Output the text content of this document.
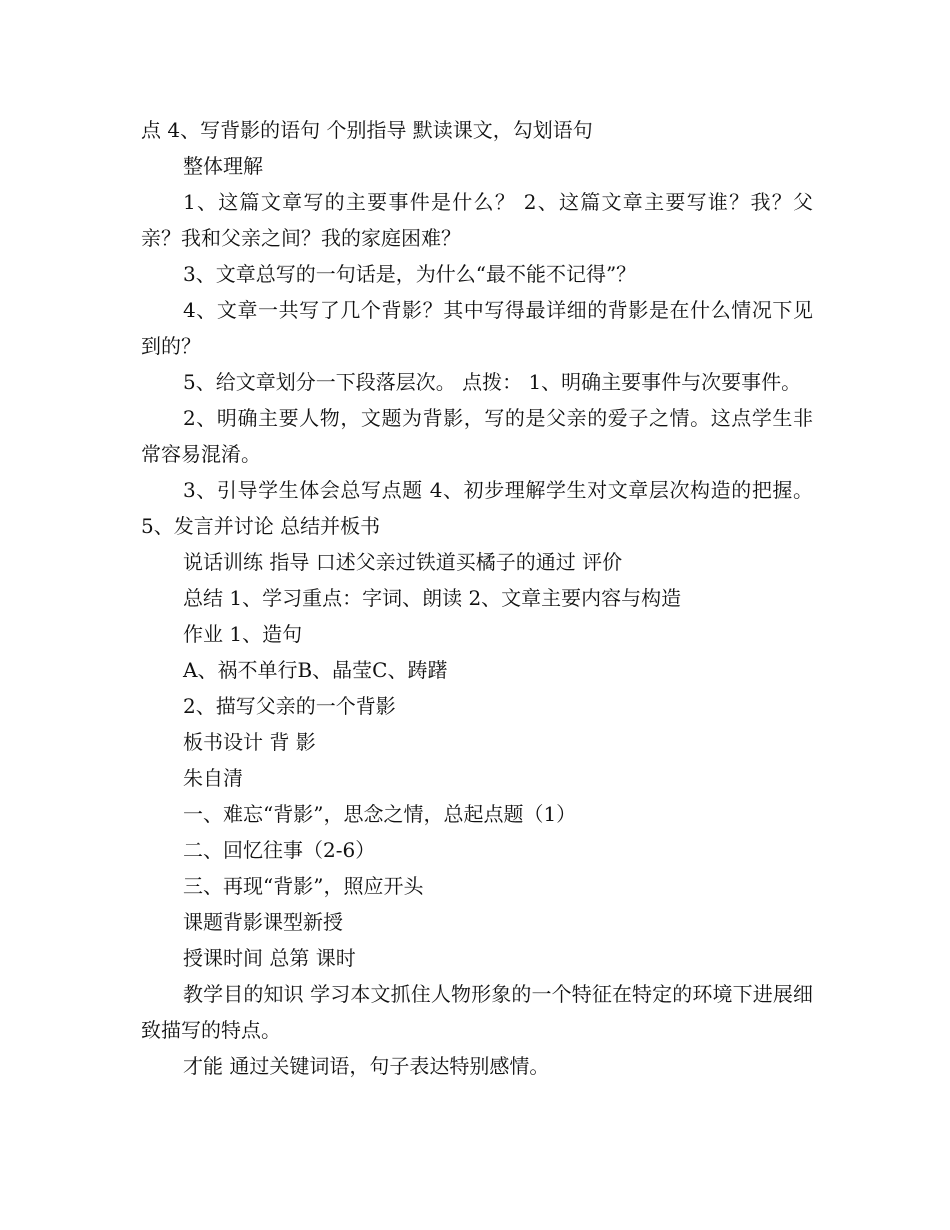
点 4、写背影的语句 个别指导 默读课文，勾划语句

整体理解

1、这篇文章写的主要事件是什么？ 2、这篇文章主要写谁？我？父亲？我和父亲之间？我的家庭困难？

3、文章总写的一句话是，为什么“最不能不记得”？

4、文章一共写了几个背影？其中写得最详细的背影是在什么情况下见到的？

5、给文章划分一下段落层次。 点拨： 1、明确主要事件与次要事件。

2、明确主要人物，文题为背影，写的是父亲的爱子之情。这点学生非常容易混淆。

3、引导学生体会总写点题 4、初步理解学生对文章层次构造的把握。 5、发言并讨论 总结并板书

说话训练 指导 口述父亲过铁道买橘子的通过 评价

总结 1、学习重点：字词、朗读 2、文章主要内容与构造

作业 1、造句

A、祸不单行B、晶莹C、踌躇

2、描写父亲的一个背影

板书设计 背 影

朱自清

一、难忘“背影”，思念之情，总起点题（1）

二、回忆往事（2-6）

三、再现“背影”，照应开头

课题背影课型新授

授课时间 总第 课时

教学目的知识 学习本文抓住人物形象的一个特征在特定的环境下进展细致描写的特点。

才能 通过关键词语，句子表达特别感情。
